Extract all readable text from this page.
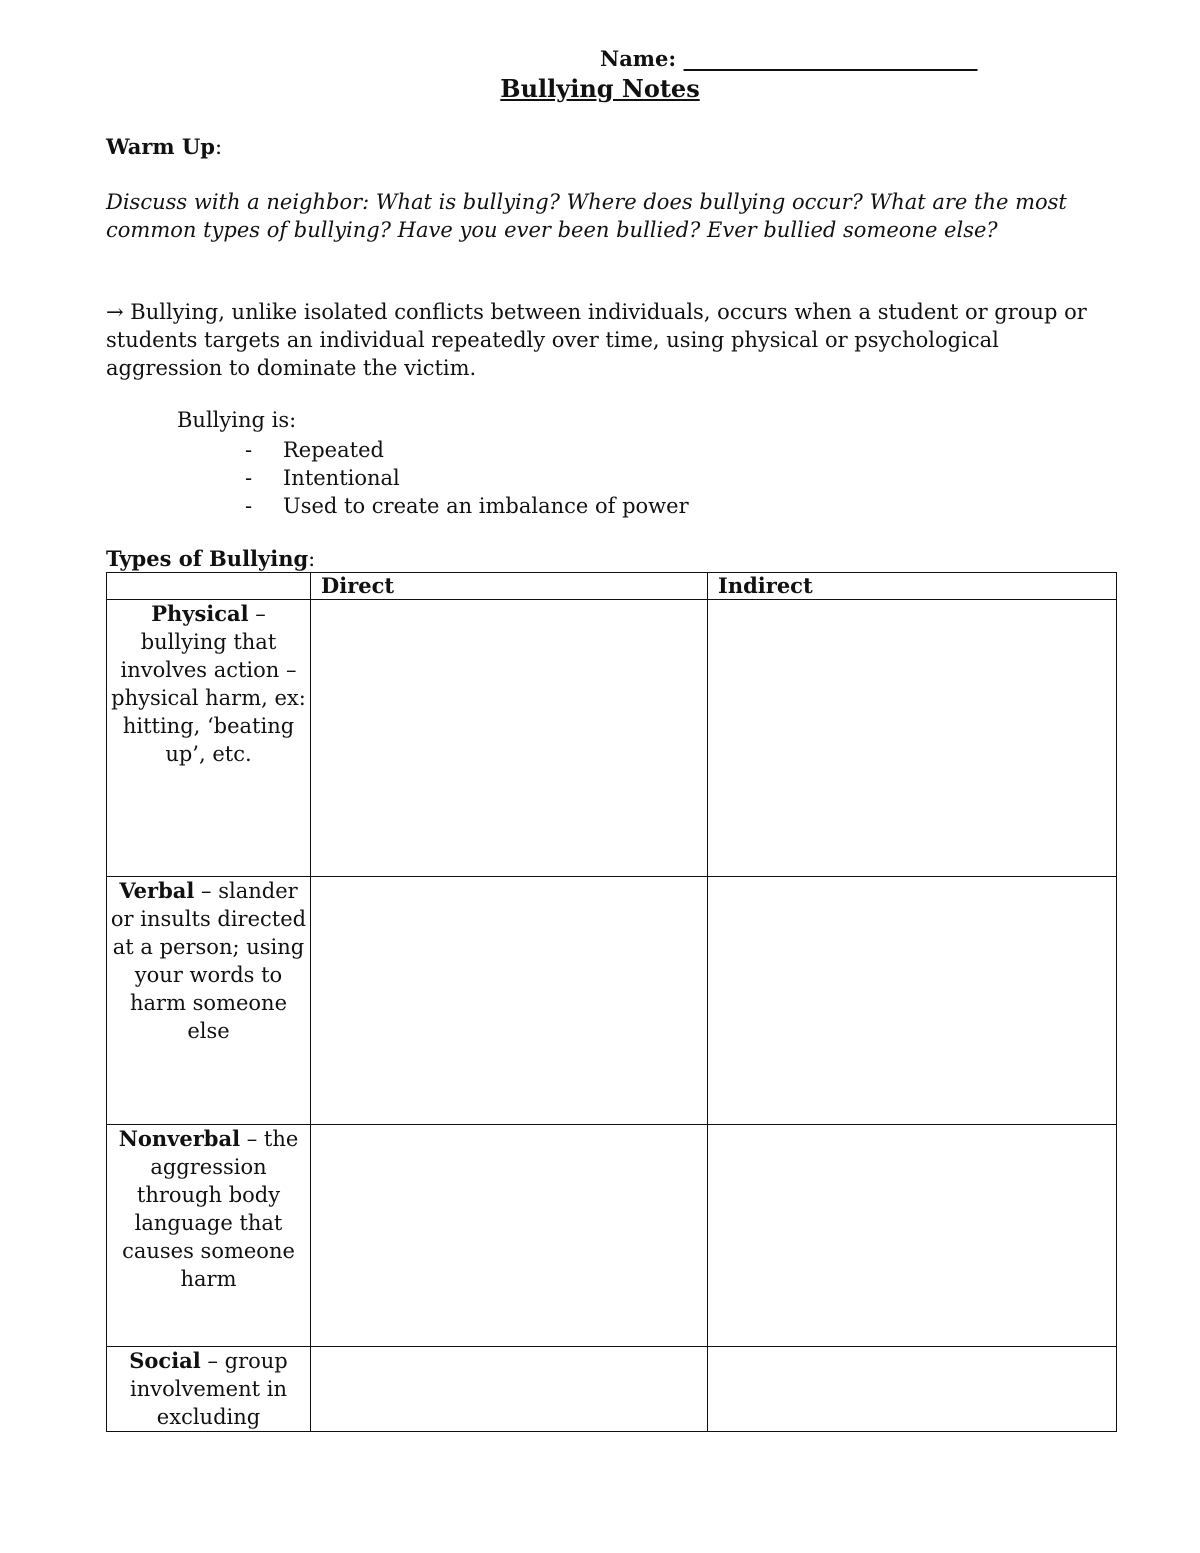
Name: ____________________________
Bullying Notes
Warm Up:
Discuss with a neighbor: What is bullying? Where does bullying occur? What are the most common types of bullying? Have you ever been bullied? Ever bullied someone else?
→ Bullying, unlike isolated conflicts between individuals, occurs when a student or group or students targets an individual repeatedly over time, using physical or psychological aggression to dominate the victim.
Bullying is:
-	Repeated
-	Intentional
-	Used to create an imbalance of power
Types of Bullying:
	Direct	Indirect
Physical – bullying that involves action – physical harm, ex: hitting, ‘beating up’, etc.		
Verbal – slander or insults directed at a person; using your words to harm someone else		
Nonverbal – the aggression through body language that causes someone harm		
Social – group involvement in excluding		
